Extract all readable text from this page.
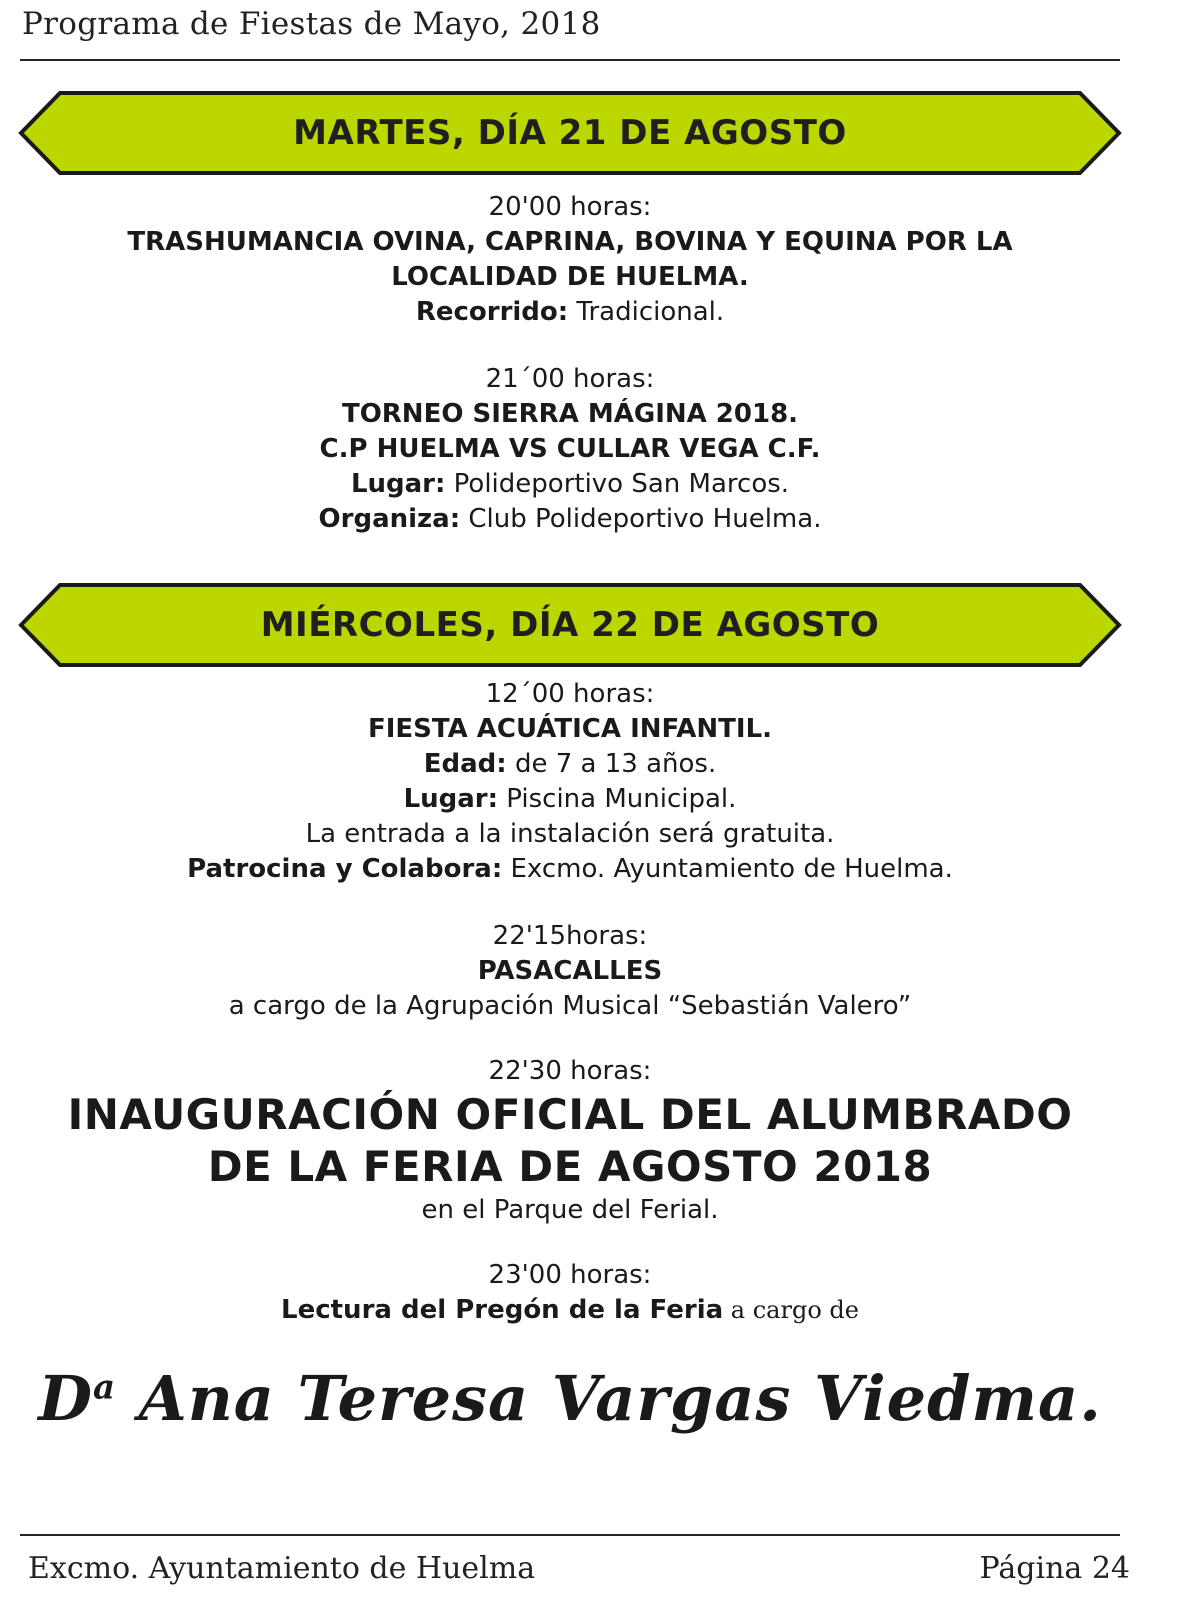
Programa de Fiestas de Mayo, 2018
MARTES, DÍA 21 DE AGOSTO
20'00 horas:
TRASHUMANCIA OVINA, CAPRINA, BOVINA Y EQUINA POR LA
LOCALIDAD DE HUELMA.
Recorrido: Tradicional.
21´00 horas:
TORNEO SIERRA MÁGINA 2018.
C.P HUELMA VS CULLAR VEGA C.F.
Lugar: Polideportivo San Marcos.
Organiza: Club Polideportivo Huelma.
MIÉRCOLES, DÍA 22 DE AGOSTO
12´00 horas:
FIESTA ACUÁTICA INFANTIL.
Edad: de 7 a 13 años.
Lugar: Piscina Municipal.
La entrada a la instalación será gratuita.
Patrocina y Colabora: Excmo. Ayuntamiento de Huelma.
22'15horas:
PASACALLES
a cargo de la Agrupación Musical “Sebastián Valero”
22'30 horas:
INAUGURACIÓN OFICIAL DEL ALUMBRADO
DE LA FERIA DE AGOSTO 2018
en el Parque del Ferial.
23'00 horas:
Lectura del Pregón de la Feria a cargo de
$D^a$ Ana Teresa Vargas Viedma.
Excmo. Ayuntamiento de Huelma	Página 24
